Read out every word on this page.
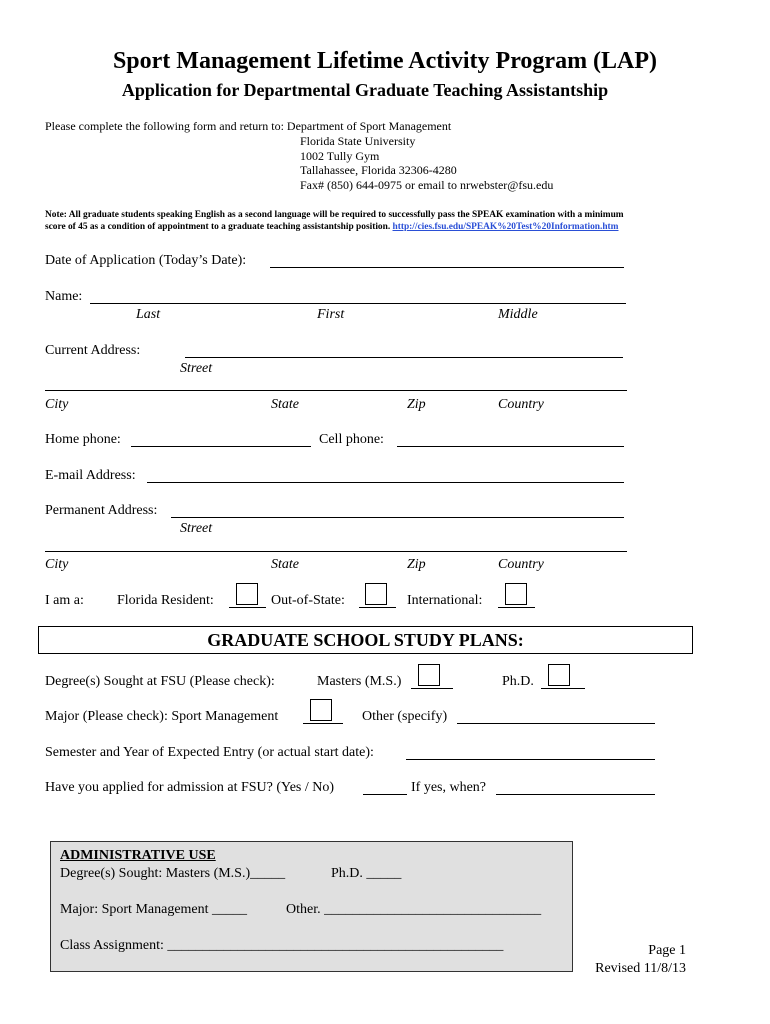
Sport Management Lifetime Activity Program (LAP)
Application for Departmental Graduate Teaching Assistantship
Please complete the following form and return to: Department of Sport Management
Florida State University
1002 Tully Gym
Tallahassee, Florida 32306-4280
Fax# (850) 644-0975 or email to nrwebster@fsu.edu
Note: All graduate students speaking English as a second language will be required to successfully pass the SPEAK examination with a minimum
score of 45 as a condition of appointment to a graduate teaching assistantship position. http://cies.fsu.edu/SPEAK%20Test%20Information.htm
Date of Application (Today’s Date):
Name:
Last	First	Middle
Current Address:
Street
City	State	Zip	Country
Home phone:	Cell phone:
E-mail Address:
Permanent Address:
Street
City	State	Zip	Country
I am a: Florida Resident:	Out-of-State:	International:
GRADUATE SCHOOL STUDY PLANS:
Degree(s) Sought at FSU (Please check):	Masters (M.S.)	Ph.D.
Major (Please check): Sport Management	Other (specify)
Semester and Year of Expected Entry (or actual start date):
Have you applied for admission at FSU? (Yes / No)	If yes, when?
ADMINISTRATIVE USE
Degree(s) Sought: Masters (M.S.)_____	Ph.D. _____
Major: Sport Management _____	Other. _______________________________
Class Assignment: ________________________________________________	Page 1
Revised 11/8/13
